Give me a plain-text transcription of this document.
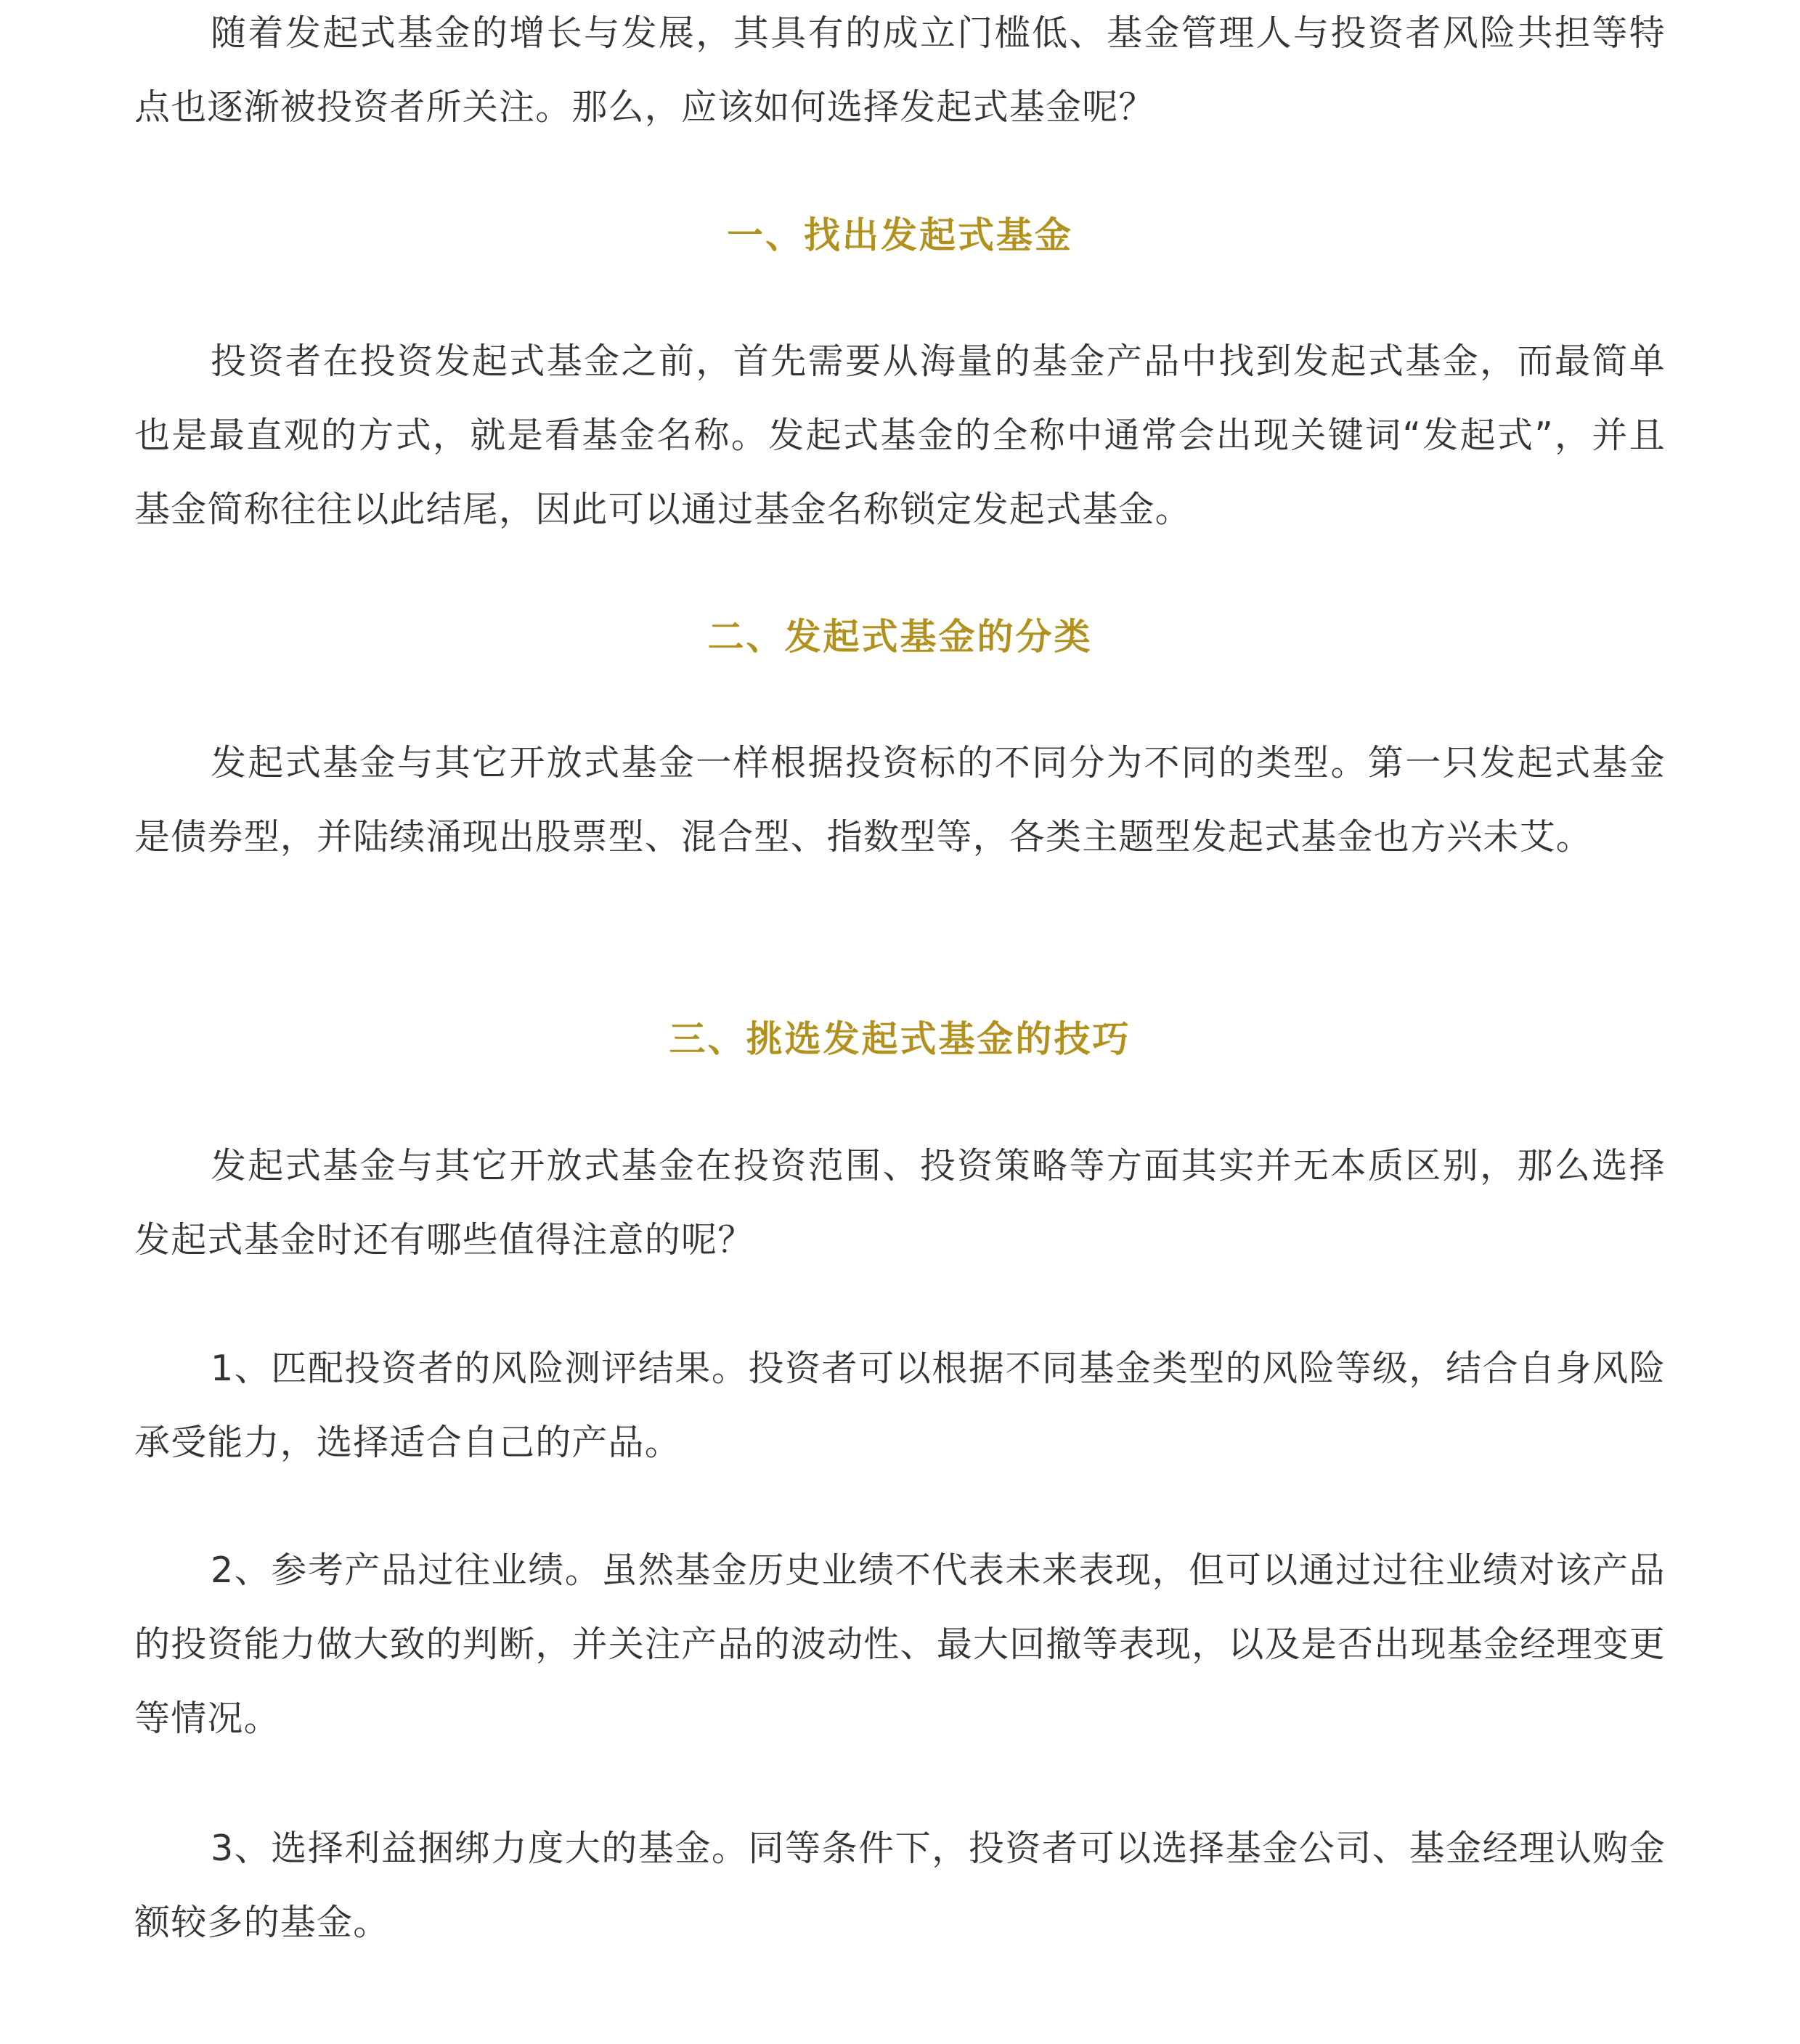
随着发起式基金的增长与发展，其具有的成立门槛低、基金管理人与投资者风险共担等特点也逐渐被投资者所关注。那么，应该如何选择发起式基金呢？

一、找出发起式基金

投资者在投资发起式基金之前，首先需要从海量的基金产品中找到发起式基金，而最简单也是最直观的方式，就是看基金名称。发起式基金的全称中通常会出现关键词“发起式”，并且基金简称往往以此结尾，因此可以通过基金名称锁定发起式基金。

二、发起式基金的分类

发起式基金与其它开放式基金一样根据投资标的不同分为不同的类型。第一只发起式基金是债券型，并陆续涌现出股票型、混合型、指数型等，各类主题型发起式基金也方兴未艾。

三、挑选发起式基金的技巧

发起式基金与其它开放式基金在投资范围、投资策略等方面其实并无本质区别，那么选择发起式基金时还有哪些值得注意的呢？

1、匹配投资者的风险测评结果。投资者可以根据不同基金类型的风险等级，结合自身风险承受能力，选择适合自己的产品。

2、参考产品过往业绩。虽然基金历史业绩不代表未来表现，但可以通过过往业绩对该产品的投资能力做大致的判断，并关注产品的波动性、最大回撤等表现，以及是否出现基金经理变更等情况。

3、选择利益捆绑力度大的基金。同等条件下，投资者可以选择基金公司、基金经理认购金额较多的基金。
